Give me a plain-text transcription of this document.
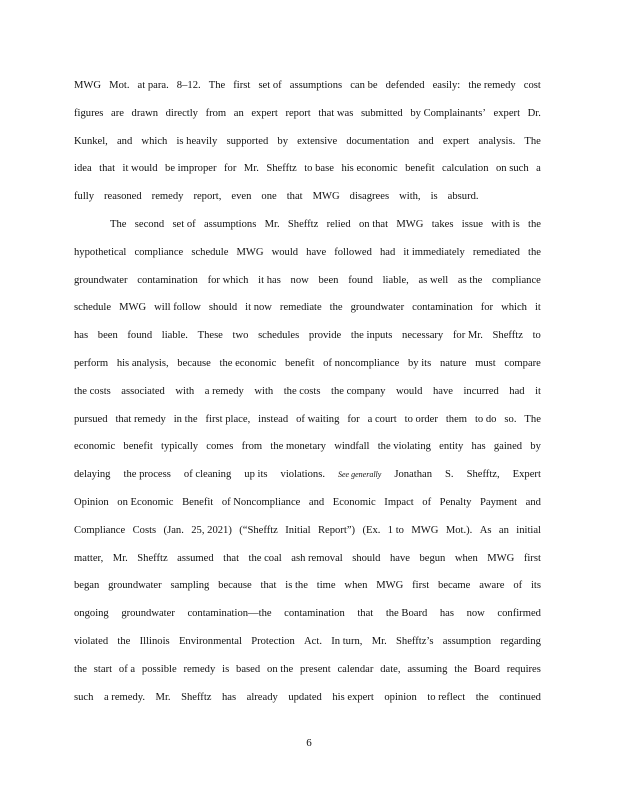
MWG Mot. at para. 8–12. The first set of assumptions can be defended easily: the remedy cost
figures are drawn directly from an expert report that was submitted by Complainants’ expert Dr.
Kunkel, and which is heavily supported by extensive documentation and expert analysis. The
idea that it would be improper for Mr. Shefftz to base his economic benefit calculation on such a
fully reasoned remedy report, even one that MWG disagrees with, is absurd.
The second set of assumptions Mr. Shefftz relied on that MWG takes issue with is the
hypothetical compliance schedule MWG would have followed had it immediately remediated the
groundwater contamination for which it has now been found liable, as well as the compliance
schedule MWG will follow should it now remediate the groundwater contamination for which it
has been found liable. These two schedules provide the inputs necessary for Mr. Shefftz to
perform his analysis, because the economic benefit of noncompliance by its nature must compare
the costs associated with a remedy with the costs the company would have incurred had it
pursued that remedy in the first place, instead of waiting for a court to order them to do so. The
economic benefit typically comes from the monetary windfall the violating entity has gained by
delaying the process of cleaning up its violations. See generally Jonathan S. Shefftz, Expert
Opinion on Economic Benefit of Noncompliance and Economic Impact of Penalty Payment and
Compliance Costs (Jan. 25, 2021) (“Shefftz Initial Report”) (Ex. 1 to MWG Mot.). As an initial
matter, Mr. Shefftz assumed that the coal ash removal should have begun when MWG first
began groundwater sampling because that is the time when MWG first became aware of its
ongoing groundwater contamination—the contamination that the Board has now confirmed
violated the Illinois Environmental Protection Act. In turn, Mr. Shefftz’s assumption regarding
the start of a possible remedy is based on the present calendar date, assuming the Board requires
such a remedy. Mr. Shefftz has already updated his expert opinion to reflect the continued
6
